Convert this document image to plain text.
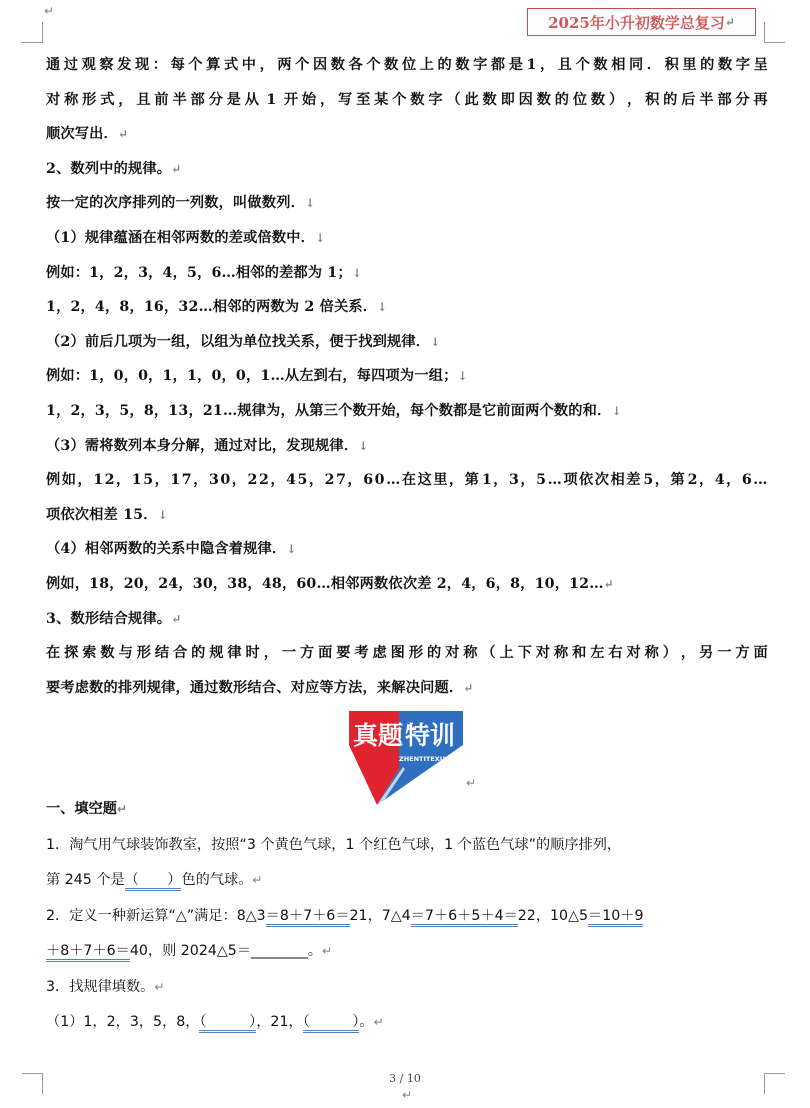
↵
2025年小升初数学总复习 ↵
通 过 观 察 发 现 ： 每 个 算 式 中 ， 两 个 因 数 各 个 数 位 上 的 数 字 都 是 1 ， 且 个 数 相 同 ． 积 里 的 数 字 呈
对 称 形 式 ， 且 前 半 部 分 是 从 1 开 始 ， 写 至 某 个 数 字 （ 此 数 即 因 数 的 位 数 ） ， 积 的 后 半 部 分 再
顺次写出．↵
2、数列中的规律。↵
按一定的次序排列的一列数，叫做数列．↓
（1）规律蕴涵在相邻两数的差或倍数中．↓
例如：1，2，3，4，5，6…相邻的差都为 1；↓
1，2，4，8，16，32…相邻的两数为 2 倍关系．↓
（2）前后几项为一组，以组为单位找关系，便于找到规律．↓
例如：1，0，0，1，1，0，0，1…从左到右，每四项为一组；↓
1，2，3，5，8，13，21…规律为，从第三个数开始，每个数都是它前面两个数的和．↓
（3）需将数列本身分解，通过对比，发现规律．↓
例 如 ， 1 2 ， 1 5 ， 1 7 ， 3 0 ， 2 2 ， 4 5 ， 2 7 ， 6 0 … 在 这 里 ， 第 1 ， 3 ， 5 … 项 依 次 相 差 5 ， 第 2 ， 4 ， 6 …
项依次相差 15．↓
（4）相邻两数的关系中隐含着规律．↓
例如，18，20，24，30，38，48，60…相邻两数依次差 2，4，6，8，10，12…↵
3、数形结合规律。↵
在 探 索 数 与 形 结 合 的 规 律 时 ， 一 方 面 要 考 虑 图 形 的 对 称 （ 上 下 对 称 和 左 右 对 称 ） ， 另 一 方 面
要考虑数的排列规律，通过数形结合、对应等方法，来解决问题．↵
真题 特训
ZHENTITEXUN
↵
一、填空题↵
1．淘气用气球装饰教室，按照“3 个黄色气球，1 个红色气球，1 个蓝色气球”的顺序排列，
第 245 个是（　　）色的气球。↵
2．定义一种新运算“△”满足：8△3＝8＋7＋6＝21，7△4＝7＋6＋5＋4＝22，10△5＝10＋9
＋8＋7＋6＝40，则 2024△5＝________。↵
3．找规律填数。↵
（1）1，2，3，5，8，（　　　），21，（　　　）。↵
3 / 10
↵
